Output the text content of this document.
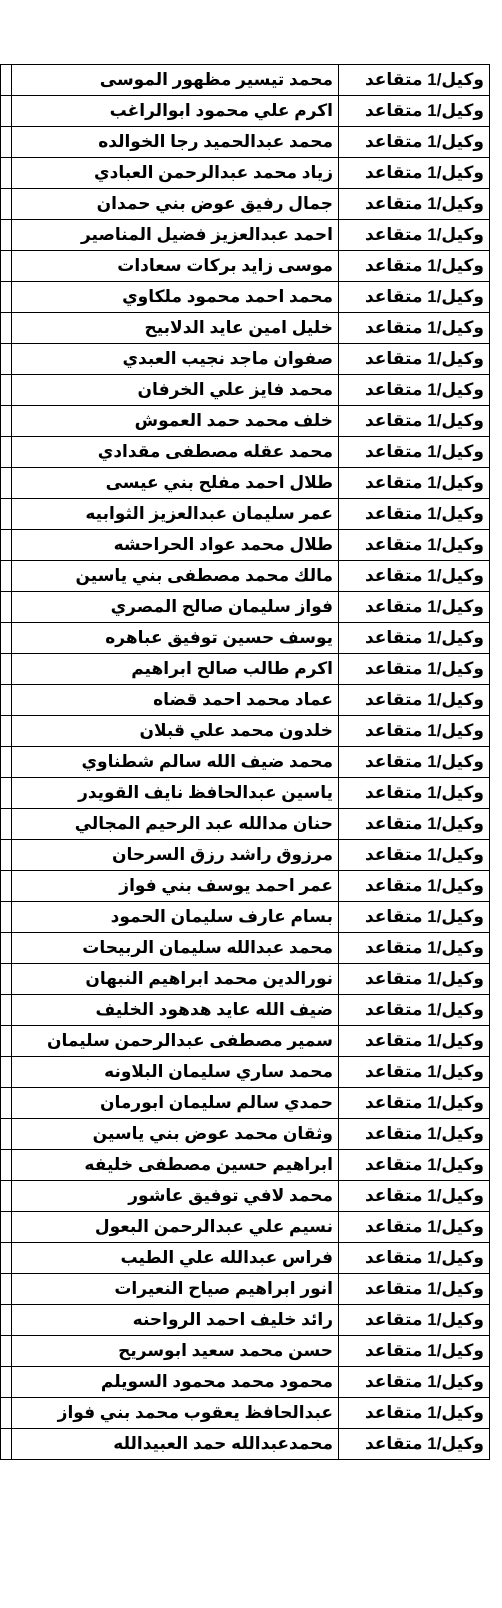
وكيل/1 متقاعد	محمد تيسير مظهور الموسى	
وكيل/1 متقاعد	اكرم علي محمود ابوالراغب	
وكيل/1 متقاعد	محمد عبدالحميد رجا الخوالده	
وكيل/1 متقاعد	زياد محمد عبدالرحمن العبادي	
وكيل/1 متقاعد	جمال رفيق عوض بني حمدان	
وكيل/1 متقاعد	احمد عبدالعزيز فضيل المناصير	
وكيل/1 متقاعد	موسى زايد بركات سعادات	
وكيل/1 متقاعد	محمد احمد محمود ملكاوي	
وكيل/1 متقاعد	خليل امين عايد الدلابيح	
وكيل/1 متقاعد	صفوان ماجد نجيب العبدي	
وكيل/1 متقاعد	محمد فايز علي الخرفان	
وكيل/1 متقاعد	خلف محمد حمد العموش	
وكيل/1 متقاعد	محمد عقله مصطفى مقدادي	
وكيل/1 متقاعد	طلال احمد مفلح بني عيسى	
وكيل/1 متقاعد	عمر سليمان عبدالعزيز الثوابيه	
وكيل/1 متقاعد	طلال محمد عواد الحراحشه	
وكيل/1 متقاعد	مالك محمد مصطفى بني ياسين	
وكيل/1 متقاعد	فواز سليمان صالح المصري	
وكيل/1 متقاعد	يوسف حسين توفيق عباهره	
وكيل/1 متقاعد	اكرم طالب صالح ابراهيم	
وكيل/1 متقاعد	عماد محمد احمد قضاه	
وكيل/1 متقاعد	خلدون محمد علي قبلان	
وكيل/1 متقاعد	محمد ضيف الله سالم شطناوي	
وكيل/1 متقاعد	ياسين عبدالحافظ نايف القويدر	
وكيل/1 متقاعد	حنان مدالله عبد الرحيم المجالي	
وكيل/1 متقاعد	مرزوق راشد رزق السرحان	
وكيل/1 متقاعد	عمر احمد يوسف بني فواز	
وكيل/1 متقاعد	بسام عارف سليمان الحمود	
وكيل/1 متقاعد	محمد عبدالله سليمان الربيحات	
وكيل/1 متقاعد	نورالدين محمد ابراهيم النبهان	
وكيل/1 متقاعد	ضيف الله عايد هدهود الخليف	
وكيل/1 متقاعد	سمير مصطفى عبدالرحمن سليمان	
وكيل/1 متقاعد	محمد ساري سليمان البلاونه	
وكيل/1 متقاعد	حمدي سالم سليمان ابورمان	
وكيل/1 متقاعد	وثقان محمد عوض بني ياسين	
وكيل/1 متقاعد	ابراهيم حسين مصطفى خليفه	
وكيل/1 متقاعد	محمد لافي توفيق عاشور	
وكيل/1 متقاعد	نسيم علي عبدالرحمن البعول	
وكيل/1 متقاعد	فراس عبدالله علي الطيب	
وكيل/1 متقاعد	انور ابراهيم صياح النعيرات	
وكيل/1 متقاعد	رائد خليف احمد الرواحنه	
وكيل/1 متقاعد	حسن محمد سعيد ابوسريح	
وكيل/1 متقاعد	محمود محمد محمود السويلم	
وكيل/1 متقاعد	عبدالحافظ يعقوب محمد بني فواز	
وكيل/1 متقاعد	محمدعبدالله حمد العبيدالله	
